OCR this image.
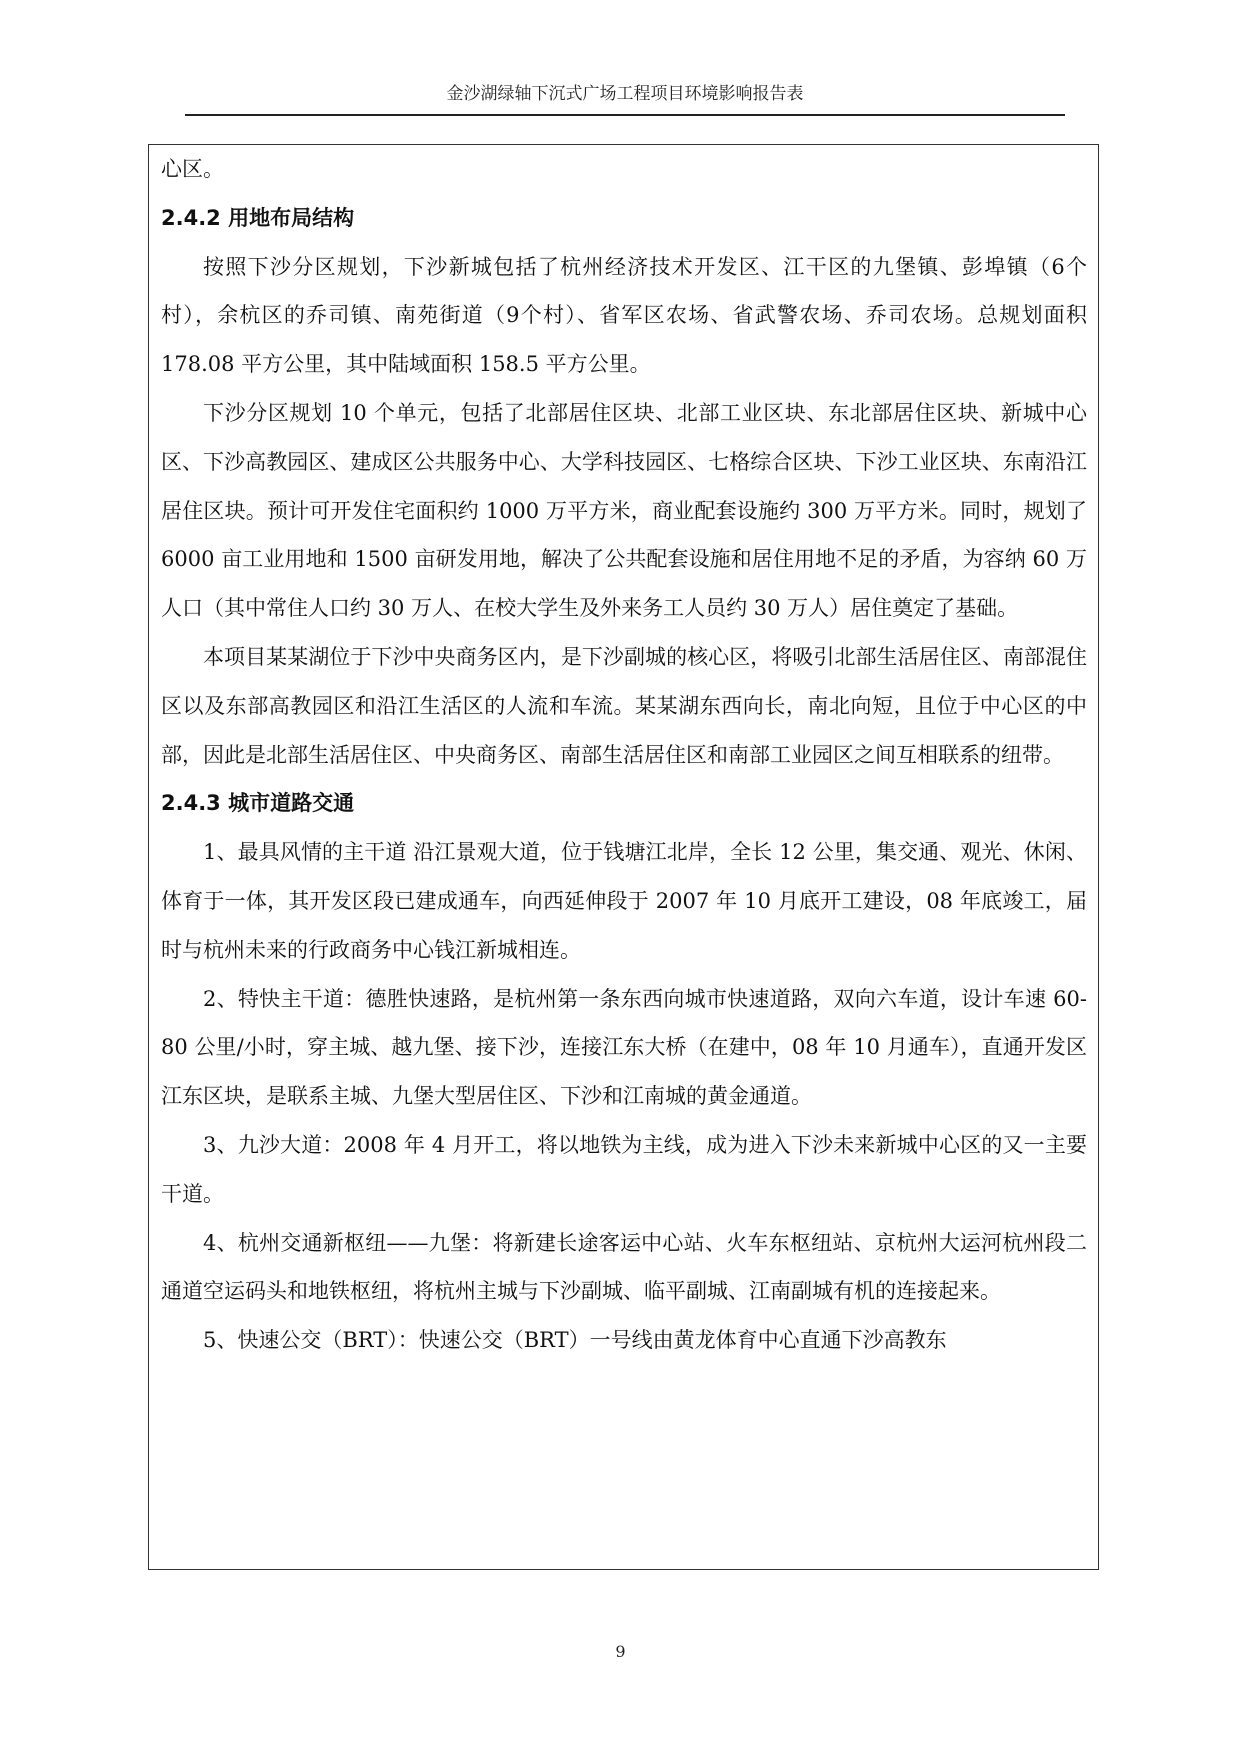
金沙湖绿轴下沉式广场工程项目环境影响报告表

心区。

2.4.2 用地布局结构

按照下沙分区规划，下沙新城包括了杭州经济技术开发区、江干区的九堡镇、彭埠镇（6个村），余杭区的乔司镇、南苑街道（9个村）、省军区农场、省武警农场、乔司农场。总规划面积 178.08 平方公里，其中陆域面积 158.5 平方公里。

下沙分区规划 10 个单元，包括了北部居住区块、北部工业区块、东北部居住区块、新城中心区、下沙高教园区、建成区公共服务中心、大学科技园区、七格综合区块、下沙工业区块、东南沿江居住区块。预计可开发住宅面积约 1000 万平方米，商业配套设施约 300 万平方米。同时，规划了 6000 亩工业用地和 1500 亩研发用地，解决了公共配套设施和居住用地不足的矛盾，为容纳 60 万人口（其中常住人口约 30 万人、在校大学生及外来务工人员约 30 万人）居住奠定了基础。

本项目某某湖位于下沙中央商务区内，是下沙副城的核心区，将吸引北部生活居住区、南部混住区以及东部高教园区和沿江生活区的人流和车流。某某湖东西向长，南北向短，且位于中心区的中部，因此是北部生活居住区、中央商务区、南部生活居住区和南部工业园区之间互相联系的纽带。

2.4.3 城市道路交通

1、最具风情的主干道 沿江景观大道，位于钱塘江北岸，全长 12 公里，集交通、观光、休闲、体育于一体，其开发区段已建成通车，向西延伸段于 2007 年 10 月底开工建设，08 年底竣工，届时与杭州未来的行政商务中心钱江新城相连。

2、特快主干道：德胜快速路，是杭州第一条东西向城市快速道路，双向六车道，设计车速 60-80 公里/小时，穿主城、越九堡、接下沙，连接江东大桥（在建中，08 年 10 月通车），直通开发区江东区块，是联系主城、九堡大型居住区、下沙和江南城的黄金通道。

3、九沙大道：2008 年 4 月开工，将以地铁为主线，成为进入下沙未来新城中心区的又一主要干道。

4、杭州交通新枢纽——九堡：将新建长途客运中心站、火车东枢纽站、京杭州大运河杭州段二通道空运码头和地铁枢纽，将杭州主城与下沙副城、临平副城、江南副城有机的连接起来。

5、快速公交（BRT）：快速公交（BRT）一号线由黄龙体育中心直通下沙高教东

9
